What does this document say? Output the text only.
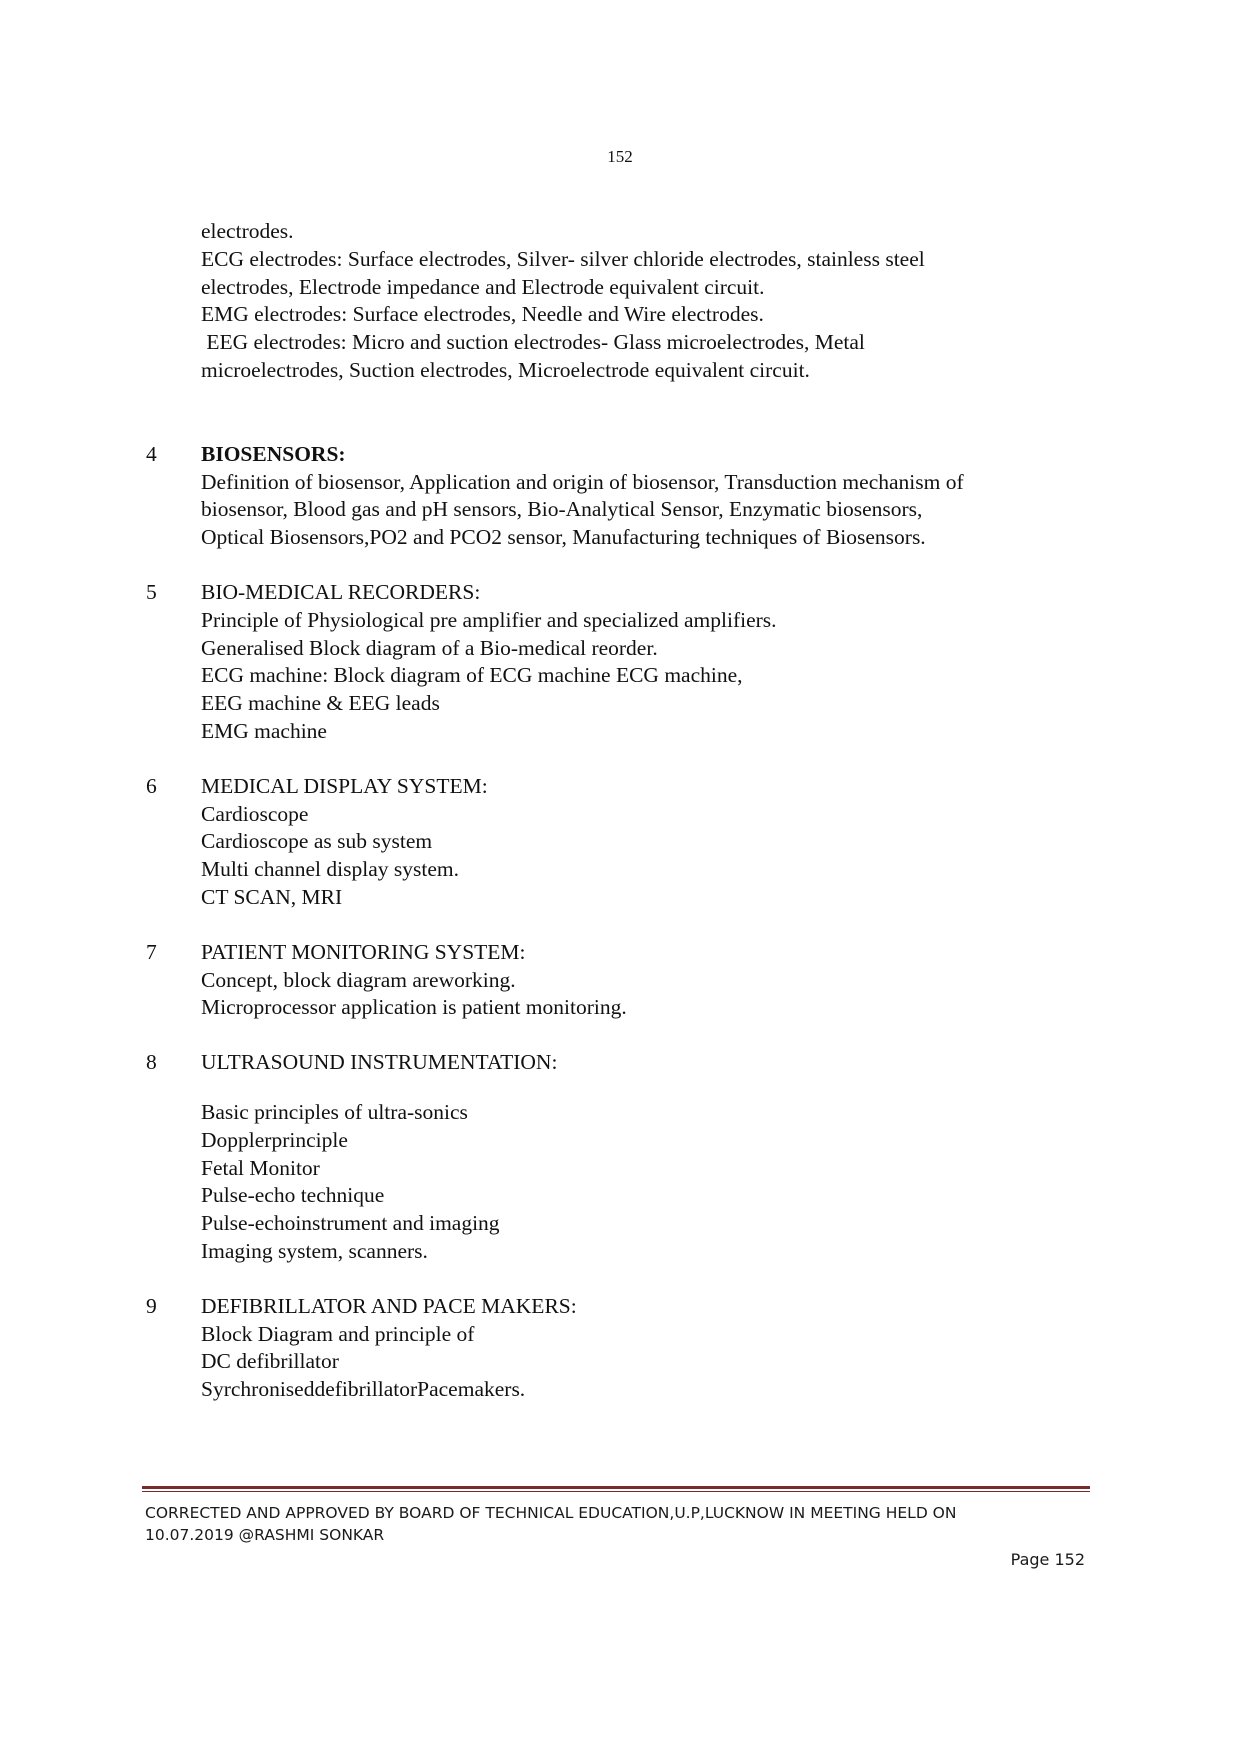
152
electrodes.
ECG electrodes: Surface electrodes, Silver- silver chloride electrodes, stainless steel
electrodes, Electrode impedance and Electrode equivalent circuit.
EMG electrodes: Surface electrodes, Needle and Wire electrodes.
EEG electrodes: Micro and suction electrodes- Glass microelectrodes, Metal
microelectrodes, Suction electrodes, Microelectrode equivalent circuit.
4 BIOSENSORS:
Definition of biosensor, Application and origin of biosensor, Transduction mechanism of
biosensor, Blood gas and pH sensors, Bio-Analytical Sensor, Enzymatic biosensors,
Optical Biosensors,PO2 and PCO2 sensor, Manufacturing techniques of Biosensors.
5 BIO-MEDICAL RECORDERS:
Principle of Physiological pre amplifier and specialized amplifiers.
Generalised Block diagram of a Bio-medical reorder.
ECG machine: Block diagram of ECG machine ECG machine,
EEG machine & EEG leads
EMG machine
6 MEDICAL DISPLAY SYSTEM:
Cardioscope
Cardioscope as sub system
Multi channel display system.
CT SCAN, MRI
7 PATIENT MONITORING SYSTEM:
Concept, block diagram areworking.
Microprocessor application is patient monitoring.
8 ULTRASOUND INSTRUMENTATION:
Basic principles of ultra-sonics
Dopplerprinciple
Fetal Monitor
Pulse-echo technique
Pulse-echoinstrument and imaging
Imaging system, scanners.
9 DEFIBRILLATOR AND PACE MAKERS:
Block Diagram and principle of
DC defibrillator
SyrchroniseddefibrillatorPacemakers.
CORRECTED AND APPROVED BY BOARD OF TECHNICAL EDUCATION,U.P,LUCKNOW IN MEETING HELD ON
10.07.2019 @RASHMI SONKAR
Page 152
